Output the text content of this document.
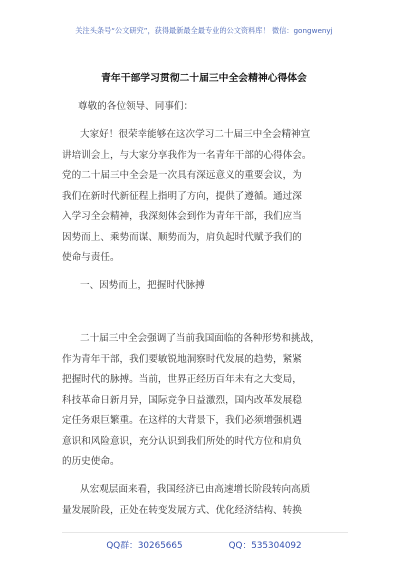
关注头条号“公文研究”，获得最新最全最专业的公文资料库！ 微信：gongwenyj
青年干部学习贯彻二十届三中全会精神心得体会
尊敬的各位领导、同事们：
大家好！很荣幸能够在这次学习二十届三中全会精神宣
讲培训会上，与大家分享我作为一名青年干部的心得体会。
党的二十届三中全会是一次具有深远意义的重要会议，为
我们在新时代新征程上指明了方向，提供了遵循。通过深
入学习全会精神，我深刻体会到作为青年干部，我们应当
因势而上、乘势而谋、顺势而为，肩负起时代赋予我们的
使命与责任。
一、因势而上，把握时代脉搏
二十届三中全会强调了当前我国面临的各种形势和挑战，
作为青年干部，我们要敏锐地洞察时代发展的趋势，紧紧
把握时代的脉搏。当前，世界正经历百年未有之大变局，
科技革命日新月异，国际竞争日益激烈，国内改革发展稳
定任务艰巨繁重。在这样的大背景下，我们必须增强机遇
意识和风险意识，充分认识到我们所处的时代方位和肩负
的历史使命。
从宏观层面来看，我国经济已由高速增长阶段转向高质
量发展阶段，正处在转变发展方式、优化经济结构、转换
QQ群：30265665	QQ：535304092
